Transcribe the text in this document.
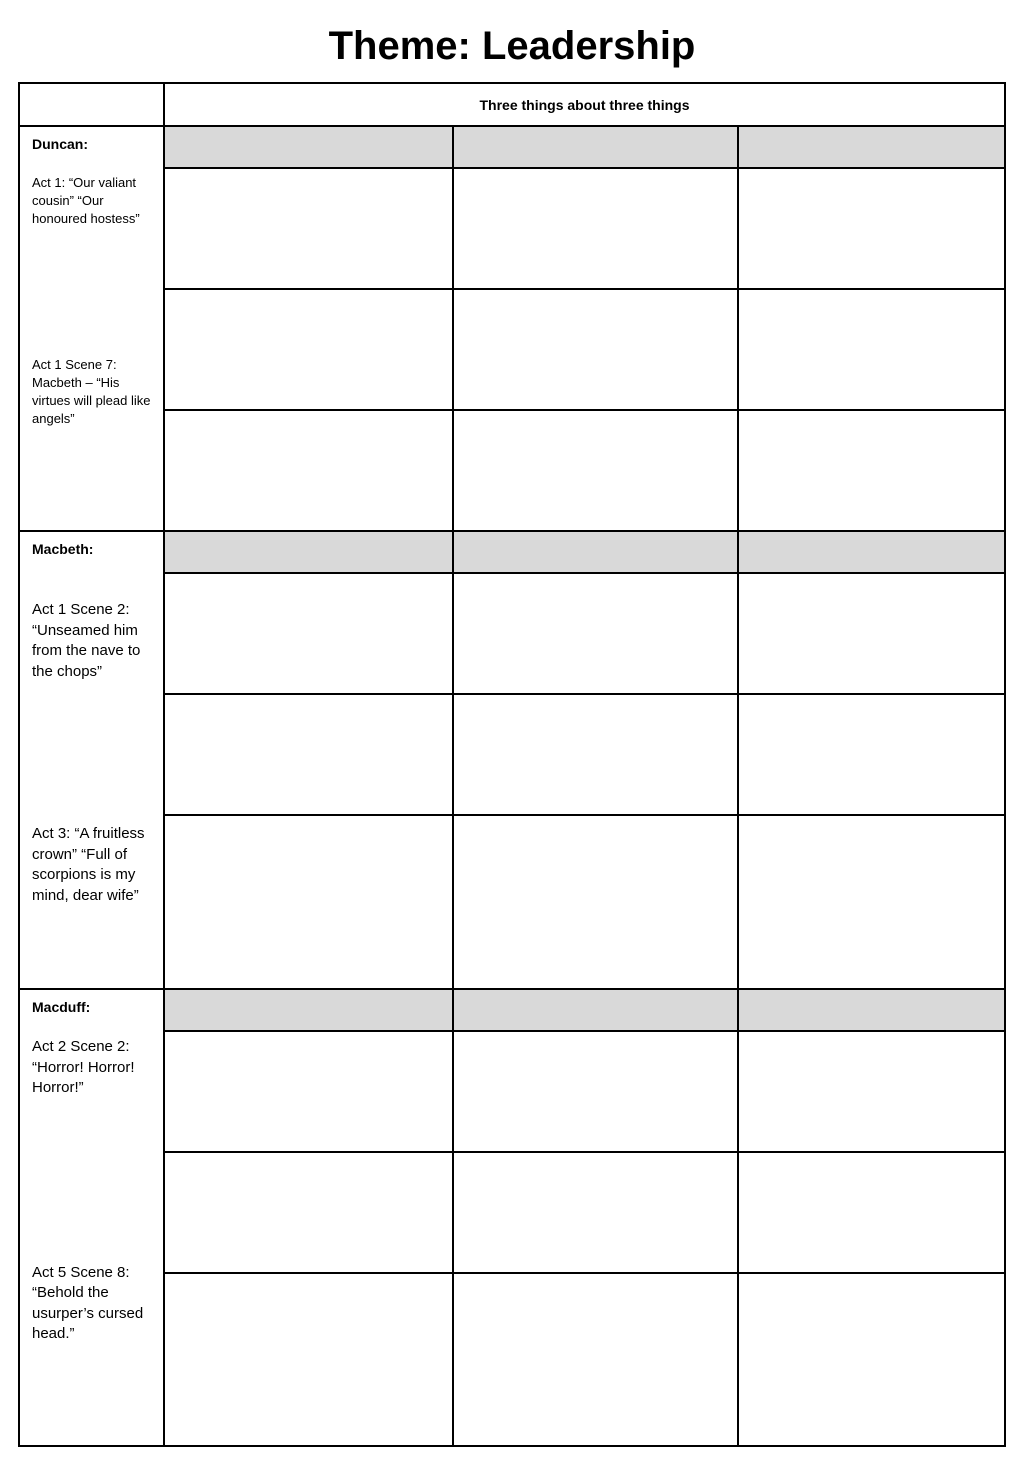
Theme: Leadership
	Three things about three things		

Duncan:

Act 1: “Our valiant cousin” “Our honoured hostess”

Act 1 Scene 7: Macbeth – “His virtues will plead like angels”			

Macbeth:

Act 1 Scene 2: “Unseamed him from the nave to the chops”

Act 3: “A fruitless crown” “Full of scorpions is my mind, dear wife”			

Macduff:

Act 2 Scene 2: “Horror! Horror! Horror!”

Act 5 Scene 8: “Behold the usurper’s cursed head.”			
